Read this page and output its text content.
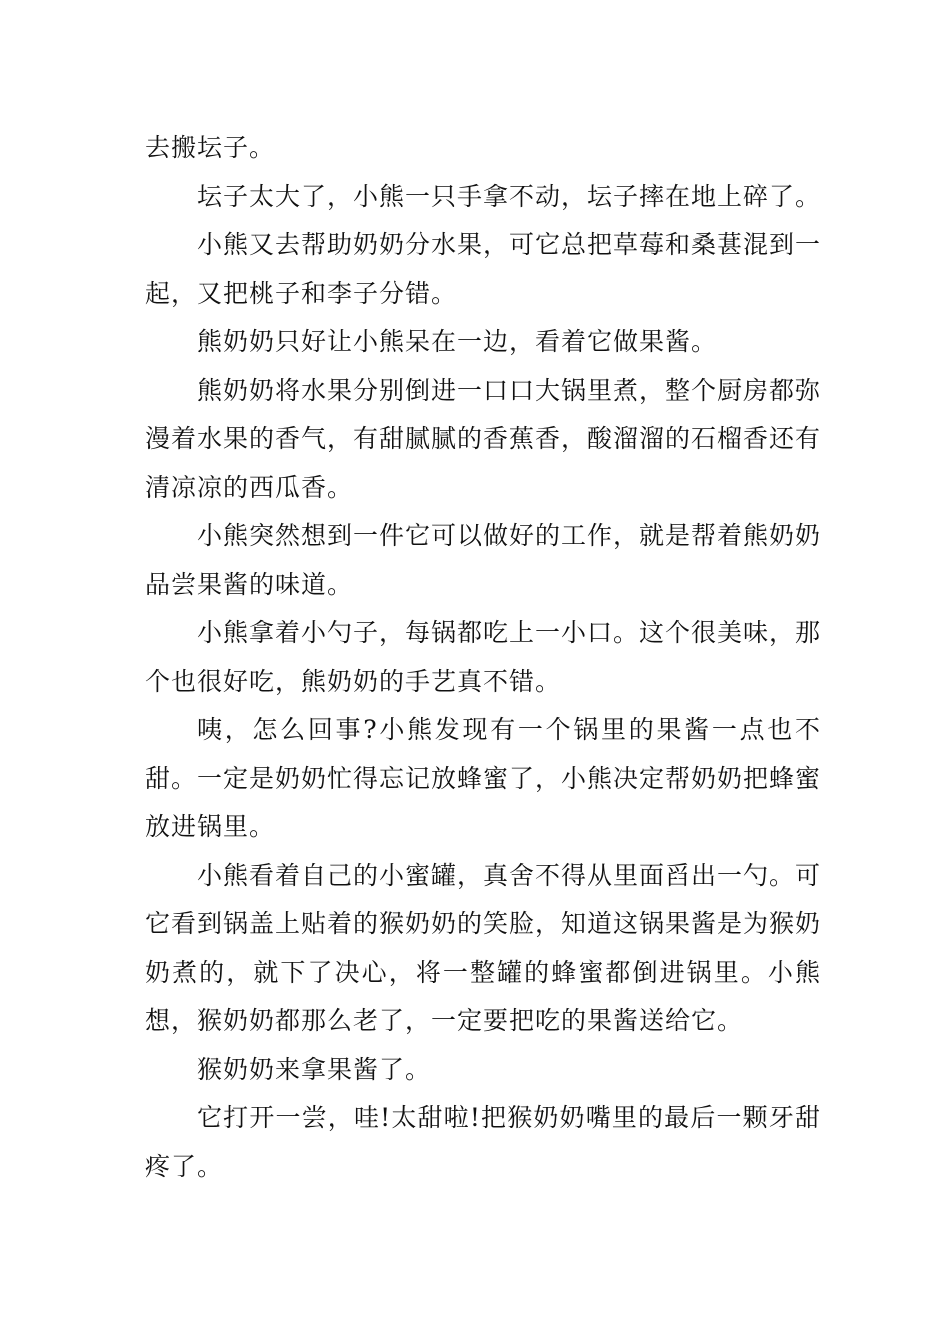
去搬坛子。

坛子太大了，小熊一只手拿不动，坛子摔在地上碎了。

小熊又去帮助奶奶分水果，可它总把草莓和桑葚混到一起，又把桃子和李子分错。

熊奶奶只好让小熊呆在一边，看着它做果酱。

熊奶奶将水果分别倒进一口口大锅里煮，整个厨房都弥漫着水果的香气，有甜腻腻的香蕉香，酸溜溜的石榴香还有清凉凉的西瓜香。

小熊突然想到一件它可以做好的工作，就是帮着熊奶奶品尝果酱的味道。

小熊拿着小勺子，每锅都吃上一小口。这个很美味，那个也很好吃，熊奶奶的手艺真不错。

咦，怎么回事?小熊发现有一个锅里的果酱一点也不甜。一定是奶奶忙得忘记放蜂蜜了，小熊决定帮奶奶把蜂蜜放进锅里。

小熊看着自己的小蜜罐，真舍不得从里面舀出一勺。可它看到锅盖上贴着的猴奶奶的笑脸，知道这锅果酱是为猴奶奶煮的，就下了决心，将一整罐的蜂蜜都倒进锅里。小熊想，猴奶奶都那么老了，一定要把吃的果酱送给它。

猴奶奶来拿果酱了。

它打开一尝，哇!太甜啦!把猴奶奶嘴里的最后一颗牙甜疼了。
